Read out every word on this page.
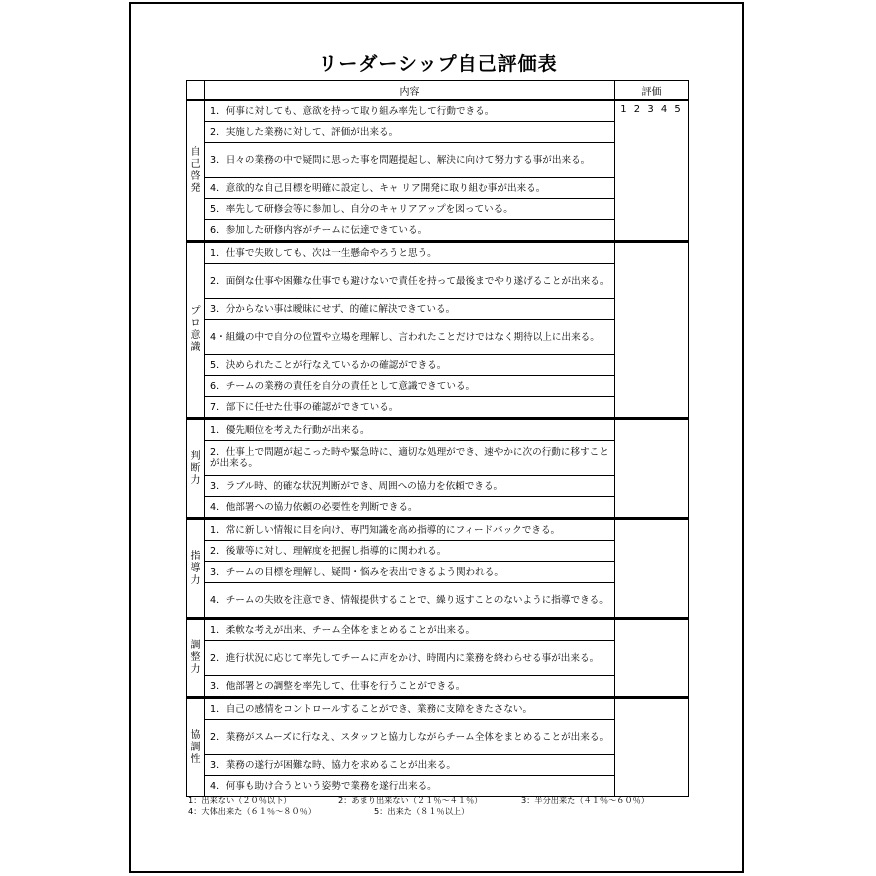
リーダーシップ自己評価表
	内容	評価
自己啓発	1．何事に対しても、意欲を持って取り組み率先して行動できる。	1 2 3 4 5
	2．実施した業務に対して、評価が出来る。	
	3．日々の業務の中で疑問に思った事を問題提起し、解決に向けて努力する事が出来る。	
	4．意欲的な自己目標を明確に設定し、キャ リア開発に取り組む事が出来る。	
	5．率先して研修会等に参加し、自分のキャリアアップを図っている。	
	6．参加した研修内容がチームに伝達できている。	
プロ意識	1．仕事で失敗しても、次は一生懸命やろうと思う。	
	2．面倒な仕事や困難な仕事でも避けないで責任を持って最後までやり遂げることが出来る。	
	3．分からない事は曖昧にせず、的確に解決できている。	
	4・組織の中で自分の位置や立場を理解し、言われたことだけではなく期待以上に出来る。	
	5．決められたことが行なえているかの確認ができる。	
	6．チームの業務の責任を自分の責任として意識できている。	
	7．部下に任せた仕事の確認ができている。	
判断力	1．優先順位を考えた行動が出来る。	
	2．仕事上で問題が起こった時や緊急時に、適切な処理ができ、速やかに次の行動に移すことが出来る。	
	3．ラブル時、的確な状況判断ができ、周囲への協力を依頼できる。	
	4．他部署への協力依頼の必要性を判断できる。	
指導力	1．常に新しい情報に目を向け、専門知識を高め指導的にフィードバックできる。	
	2．後輩等に対し、理解度を把握し指導的に関われる。	
	3．チームの目標を理解し、疑問・悩みを表出できるよう関われる。	
	4．チームの失敗を注意でき、情報提供することで、繰り返すことのないように指導できる。	
調整力	1．柔軟な考えが出来、チーム全体をまとめることが出来る。	
	2．進行状況に応じて率先してチームに声をかけ、時間内に業務を終わらせる事が出来る。	
	3．他部署との調整を率先して、仕事を行うことができる。	
協調性	1．自己の感情をコントロールすることができ、業務に支障をきたさない。	
	2．業務がスムーズに行なえ、スタッフと協力しながらチーム全体をまとめることが出来る。	
	3．業務の遂行が困難な時、協力を求めることが出来る。	
	4．何事も助け合うという姿勢で業務を遂行出来る。	
1：出来ない（２０％以下）	2：あまり出来ない（２１％～４１％）	3：半分出来た（４１％～６０％）
4：大体出来た（６１％～８０％）	5：出来た（８１％以上）
